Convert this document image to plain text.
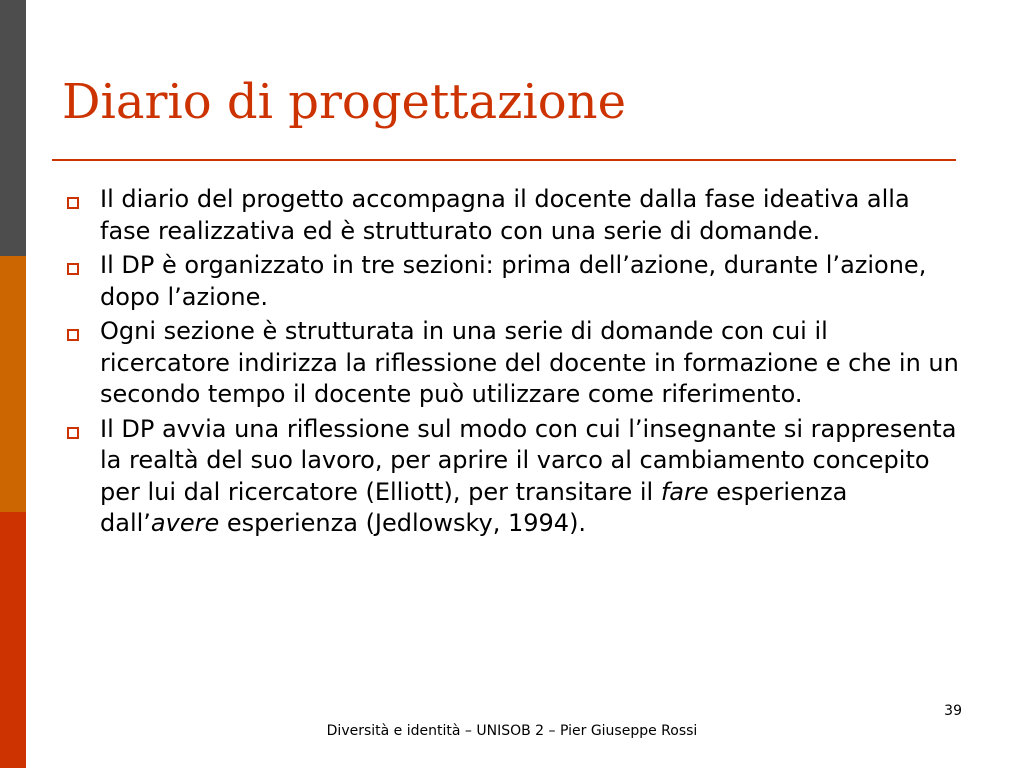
Diario di progettazione
Il diario del progetto accompagna il docente dalla fase ideativa alla fase realizzativa ed è strutturato con una serie di domande.
Il DP è organizzato in tre sezioni: prima dell’azione, durante l’azione, dopo l’azione.
Ogni sezione è strutturata in una serie di domande con cui il ricercatore indirizza la riflessione del docente in formazione e che in un secondo tempo il docente può utilizzare come riferimento.
Il DP avvia una riflessione sul modo con cui l’insegnante si rappresenta la realtà del suo lavoro, per aprire il varco al cambiamento concepito per lui dal ricercatore (Elliott), per transitare il fare esperienza dall’avere esperienza (Jedlowsky, 1994).
39
Diversità e identità – UNISOB 2 – Pier Giuseppe Rossi
